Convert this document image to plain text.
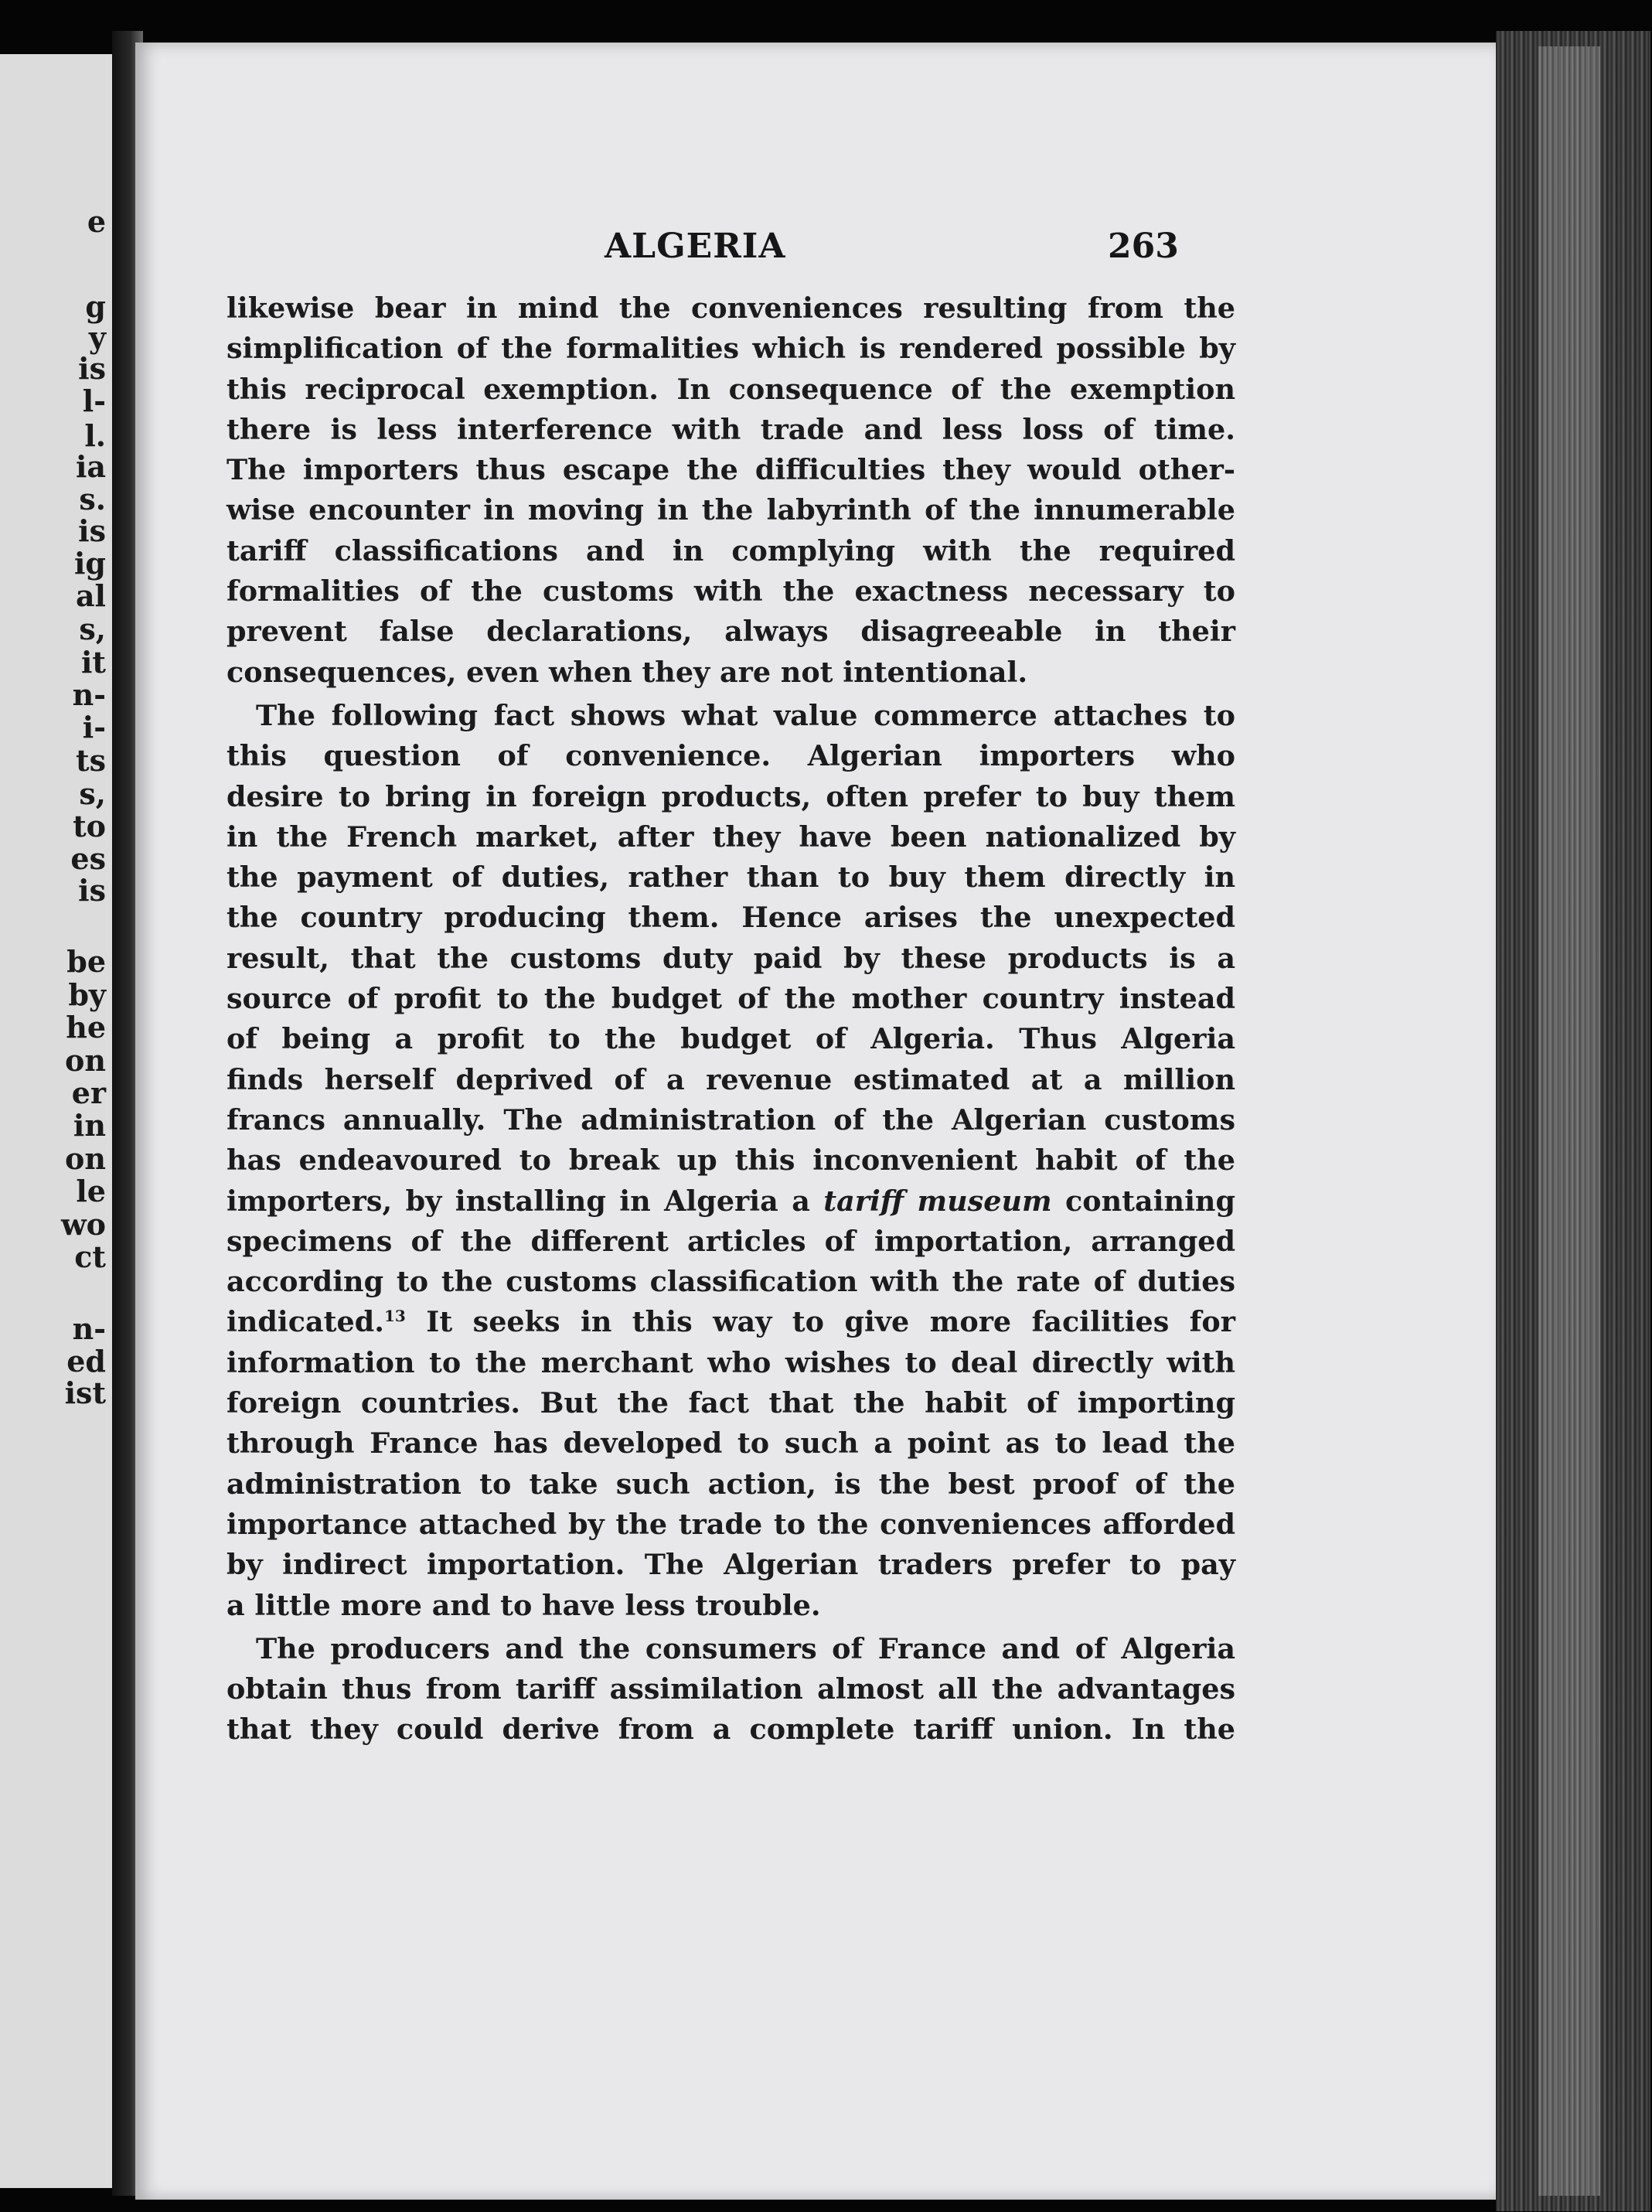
e
g
y
is
l-
l.
ia
s.
is
ig
al
s,
it
n-
i-
ts
s,
to
es
is
be
by
he
on
er
in
on
le
wo
ct
n-
ed
ist
ALGERIA	263
likewise bear in mind the conveniences resulting from the
simplification of the formalities which is rendered possible by
this reciprocal exemption. In consequence of the exemption
there is less interference with trade and less loss of time.
The importers thus escape the difficulties they would other-
wise encounter in moving in the labyrinth of the innumerable
tariff classifications and in complying with the required
formalities of the customs with the exactness necessary to
prevent false declarations, always disagreeable in their
consequences, even when they are not intentional.
The following fact shows what value commerce attaches to
this question of convenience. Algerian importers who
desire to bring in foreign products, often prefer to buy them
in the French market, after they have been nationalized by
the payment of duties, rather than to buy them directly in
the country producing them. Hence arises the unexpected
result, that the customs duty paid by these products is a
source of profit to the budget of the mother country instead
of being a profit to the budget of Algeria. Thus Algeria
finds herself deprived of a revenue estimated at a million
francs annually. The administration of the Algerian customs
has endeavoured to break up this inconvenient habit of the
importers, by installing in Algeria a tariff museum containing
specimens of the different articles of importation, arranged
according to the customs classification with the rate of duties
indicated.$^{13}$ It seeks in this way to give more facilities for
information to the merchant who wishes to deal directly with
foreign countries. But the fact that the habit of importing
through France has developed to such a point as to lead the
administration to take such action, is the best proof of the
importance attached by the trade to the conveniences afforded
by indirect importation. The Algerian traders prefer to pay
a little more and to have less trouble.
The producers and the consumers of France and of Algeria
obtain thus from tariff assimilation almost all the advantages
that they could derive from a complete tariff union. In the
